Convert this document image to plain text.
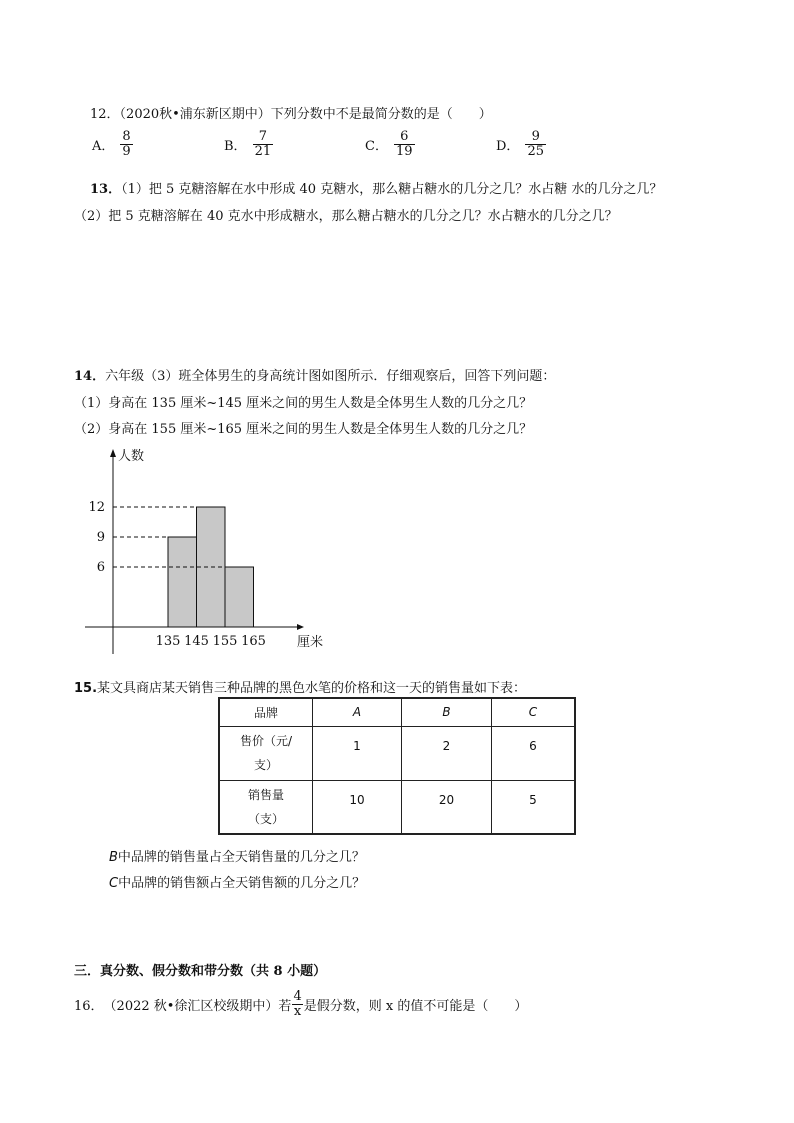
12．（2020秋•浦东新区期中）下列分数中不是最简分数的是（　　）
A． $\frac{8}{9}$	B． $\frac{7}{21}$	C． $\frac{6}{19}$	D． $\frac{9}{25}$
13．（1）把 5 克糖溶解在水中形成 40 克糖水，那么糖占糖水的几分之几？水占糖 水的几分之几？
（2）把 5 克糖溶解在 40 克水中形成糖水，那么糖占糖水的几分之几？水占糖水的几分之几？
14．六年级（3）班全体男生的身高统计图如图所示．仔细观察后，回答下列问题：
（1）身高在 135 厘米~145 厘米之间的男生人数是全体男生人数的几分之几？
（2）身高在 155 厘米~165 厘米之间的男生人数是全体男生人数的几分之几？
人数
厘米
6
9
12
135 145 155 165
15.某文具商店某天销售三种品牌的黑色水笔的价格和这一天的销售量如下表：
品牌	A	B	C

售价（元/
支）	1	2	6

销售量
（支）	10	20	5
B中品牌的销售量占全天销售量的几分之几？
C中品牌的销售额占全天销售额的几分之几？
三．真分数、假分数和带分数（共 8 小题）
16． （2022 秋•徐汇区校级期中）若 $\frac{4}{x}$ 是假分数，则 x 的值不可能是（　　）
